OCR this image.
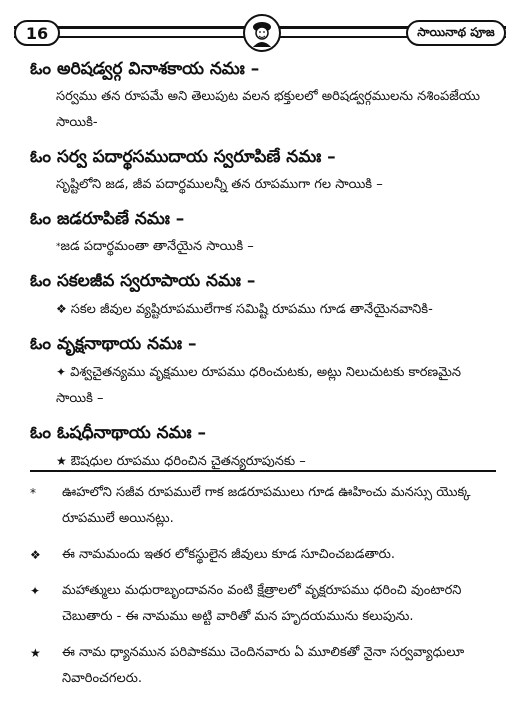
16	సాయినాథ పూజ
ఓం అరిషడ్వర్గ వినాశకాయ నమః –
సర్వము తన రూపమే అని తెలుపుట వలన భక్తులలో అరిషడ్వర్గములను నశింపజేయు సాయికి-
ఓం సర్వ పదార్థసముదాయ స్వరూపిణే నమః –
సృష్టిలోని జడ, జీవ పదార్థములన్నీ తన రూపముగా గల సాయికి –
ఓం జడరూపిణే నమః –
*జడ పదార్థమంతా తానేయైన సాయికి –
ఓం సకలజీవ స్వరూపాయ నమః –
❖ సకల జీవుల వ్యష్టిరూపములేగాక సమిష్టి రూపము గూడ తానేయైనవానికి-
ఓం వృక్షనాథాయ నమః –
✦ విశ్వచైతన్యము వృక్షముల రూపము ధరించుటకు, అట్లు నిలుచుటకు కారణమైన సాయికి –
ఓం ఓషధీనాథాయ నమః –
★ ఔషధుల రూపము ధరించిన చైతన్యరూపునకు –
*	ఊహలోని సజీవ రూపములే గాక జడరూపములు గూడ ఊహించు మనస్సు యొక్క రూపములే అయినట్లు.
❖	ఈ నామమందు ఇతర లోకస్థులైన జీవులు కూడ సూచించబడతారు.
✦	మహాత్ములు మధురాబృందావనం వంటి క్షేత్రాలలో వృక్షరూపము ధరించి వుంటారని చెబుతారు - ఈ నామము అట్టి వారితో మన హృదయమును కలుపును.
★	ఈ నామ ధ్యానమున పరిపాకము చెందినవారు ఏ మూలికతో నైనా సర్వవ్యాధులూ నివారించగలరు.
